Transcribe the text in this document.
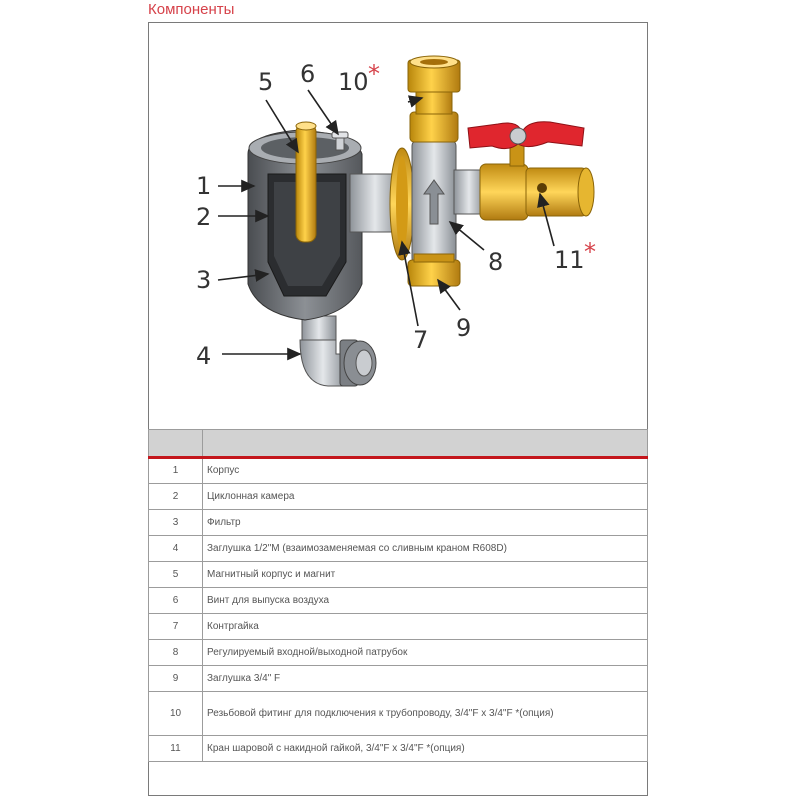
Компоненты
1
2
3
4
5 6
7
8
9
10 *
11 *

1	Корпус
2	Циклонная камера
3	Фильтр
4	Заглушка 1/2"M (взаимозаменяемая со сливным краном R608D)
5	Магнитный корпус и магнит
6	Винт для выпуска воздуха
7	Контргайка
8	Регулируемый входной/выходной патрубок
9	Заглушка 3/4" F
10	Резьбовой фитинг для подключения к трубопроводу, 3/4"F x 3/4"F *(опция)
11	Кран шаровой с накидной гайкой, 3/4"F x 3/4"F *(опция)
